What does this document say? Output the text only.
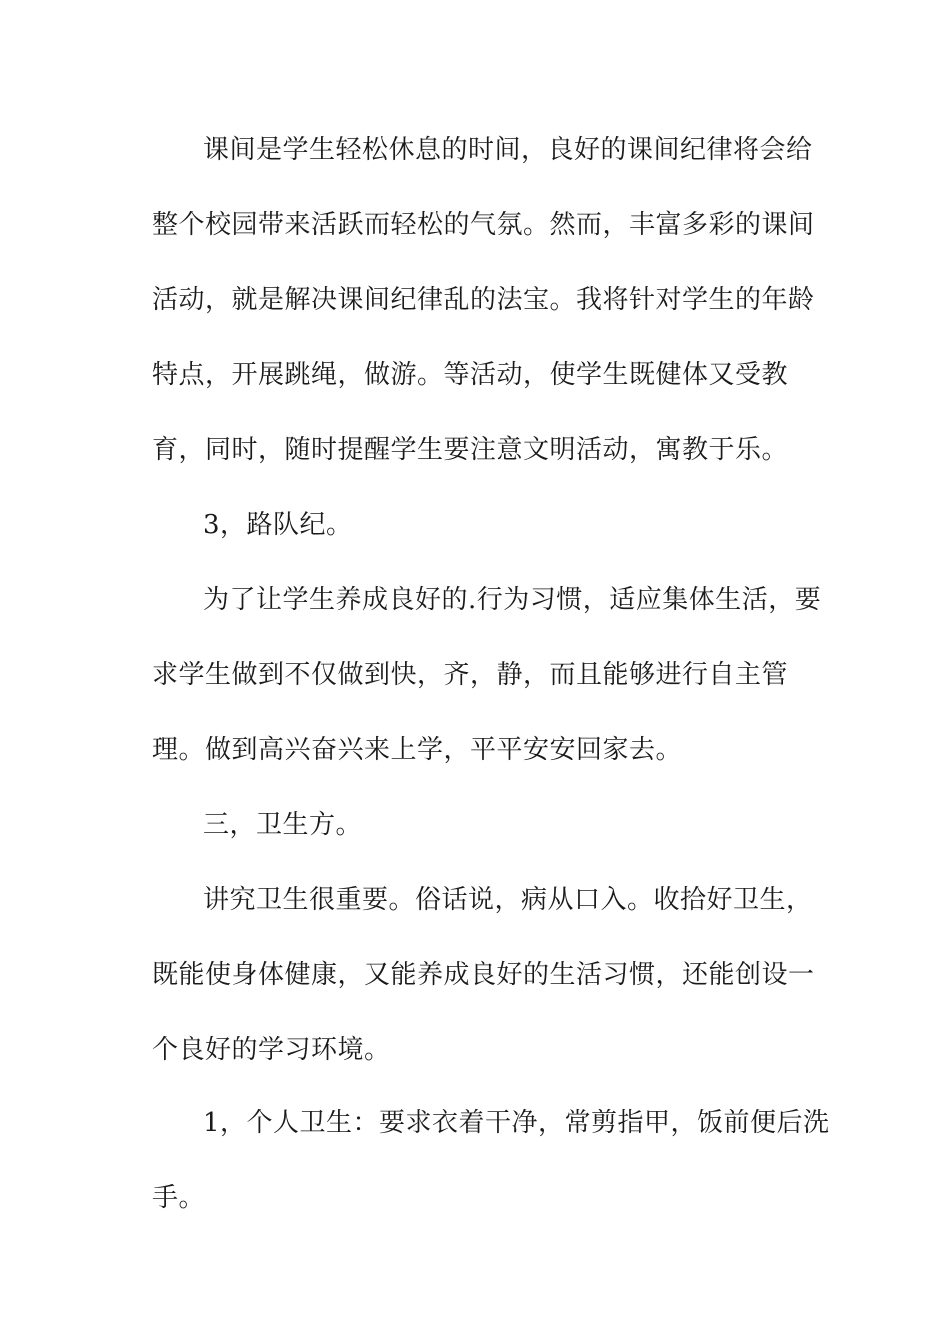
课间是学生轻松休息的时间，良好的课间纪律将会给
整个校园带来活跃而轻松的气氛。然而，丰富多彩的课间
活动，就是解决课间纪律乱的法宝。我将针对学生的年龄
特点，开展跳绳，做游。等活动，使学生既健体又受教
育，同时，随时提醒学生要注意文明活动，寓教于乐。
3，路队纪。
为了让学生养成良好的.行为习惯，适应集体生活，要
求学生做到不仅做到快，齐，静，而且能够进行自主管
理。做到高兴奋兴来上学，平平安安回家去。
三，卫生方。
讲究卫生很重要。俗话说，病从口入。收拾好卫生，
既能使身体健康，又能养成良好的生活习惯，还能创设一
个良好的学习环境。
1，个人卫生：要求衣着干净，常剪指甲，饭前便后洗
手。
